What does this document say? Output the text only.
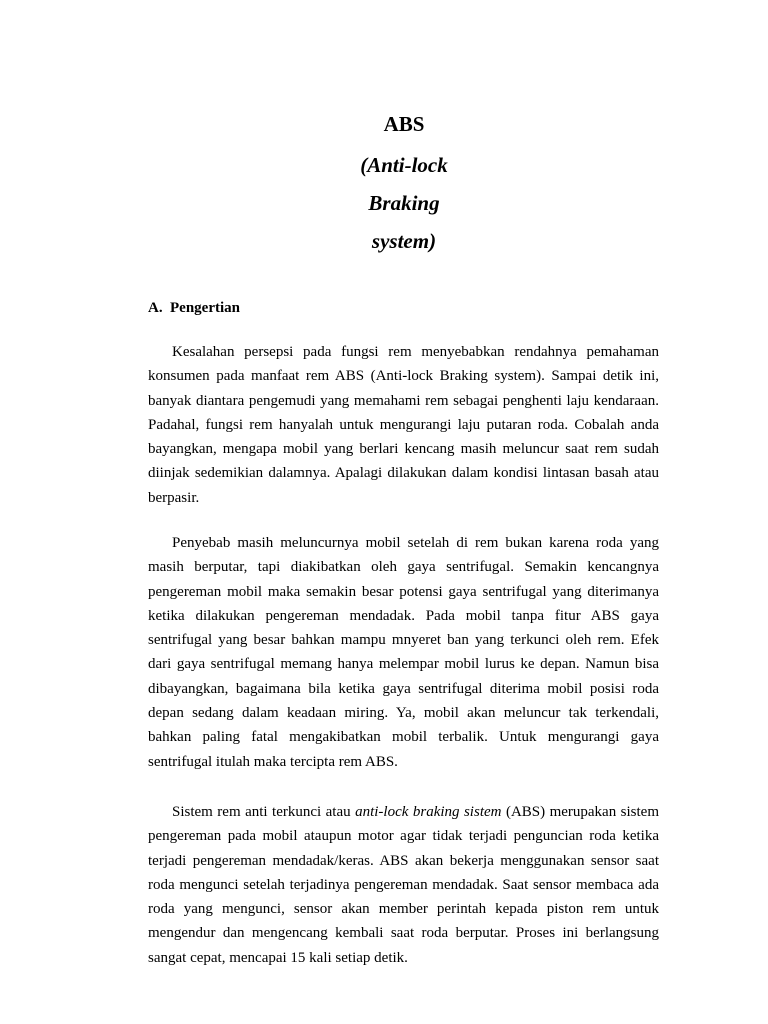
ABS
(Anti-lock
Braking
system)
A. Pengertian

Kesalahan persepsi pada fungsi rem menyebabkan rendahnya pemahaman konsumen pada manfaat rem ABS (Anti-lock Braking system). Sampai detik ini, banyak diantara pengemudi yang memahami rem sebagai penghenti laju kendaraan. Padahal, fungsi rem hanyalah untuk mengurangi laju putaran roda. Cobalah anda bayangkan, mengapa mobil yang berlari kencang masih meluncur saat rem sudah diinjak sedemikian dalamnya. Apalagi dilakukan dalam kondisi lintasan basah atau berpasir.

Penyebab masih meluncurnya mobil setelah di rem bukan karena roda yang masih berputar, tapi diakibatkan oleh gaya sentrifugal. Semakin kencangnya pengereman mobil maka semakin besar potensi gaya sentrifugal yang diterimanya ketika dilakukan pengereman mendadak. Pada mobil tanpa fitur ABS gaya sentrifugal yang besar bahkan mampu mnyeret ban yang terkunci oleh rem. Efek dari gaya sentrifugal memang hanya melempar mobil lurus ke depan. Namun bisa dibayangkan, bagaimana bila ketika gaya sentrifugal diterima mobil posisi roda depan sedang dalam keadaan miring. Ya, mobil akan meluncur tak terkendali, bahkan paling fatal mengakibatkan mobil terbalik. Untuk mengurangi gaya sentrifugal itulah maka tercipta rem ABS.

Sistem rem anti terkunci atau anti-lock braking sistem (ABS) merupakan sistem pengereman pada mobil ataupun motor agar tidak terjadi penguncian roda ketika terjadi pengereman mendadak/keras. ABS akan bekerja menggunakan sensor saat roda mengunci setelah terjadinya pengereman mendadak. Saat sensor membaca ada roda yang mengunci, sensor akan member perintah kepada piston rem untuk mengendur dan mengencang kembali saat roda berputar. Proses ini berlangsung sangat cepat, mencapai 15 kali setiap detik.
